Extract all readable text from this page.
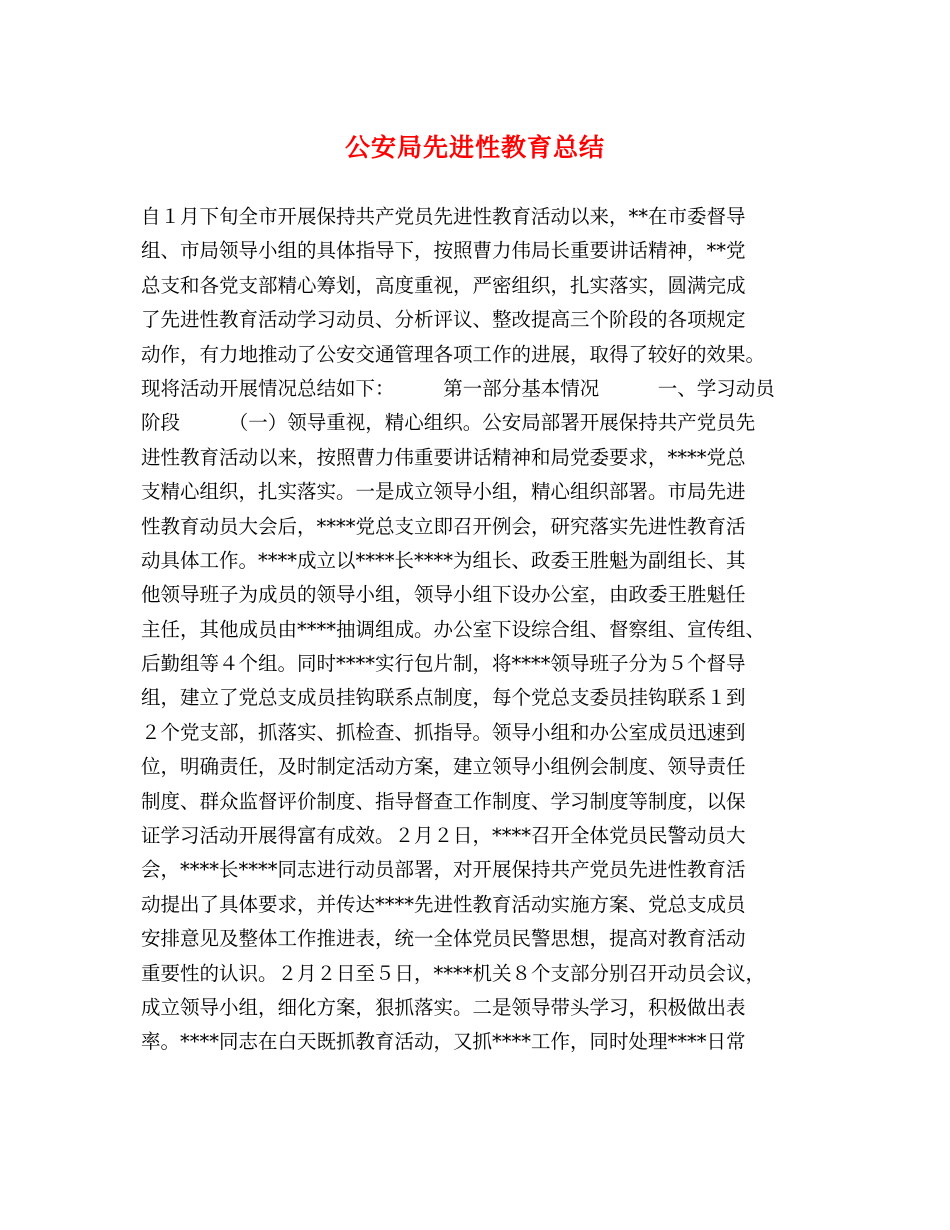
公安局先进性教育总结
自１月下旬全市开展保持共产党员先进性教育活动以来，**在市委督导
组、市局领导小组的具体指导下，按照曹力伟局长重要讲话精神，**党
总支和各党支部精心筹划，高度重视，严密组织，扎实落实，圆满完成
了先进性教育活动学习动员、分析评议、整改提高三个阶段的各项规定
动作，有力地推动了公安交通管理各项工作的进展，取得了较好的效果。
现将活动开展情况总结如下：　　　第一部分基本情况　　　一、学习动员
阶段　　　（一）领导重视，精心组织。公安局部署开展保持共产党员先
进性教育活动以来，按照曹力伟重要讲话精神和局党委要求，****党总
支精心组织，扎实落实。一是成立领导小组，精心组织部署。市局先进
性教育动员大会后，****党总支立即召开例会，研究落实先进性教育活
动具体工作。****成立以****长****为组长、政委王胜魁为副组长、其
他领导班子为成员的领导小组，领导小组下设办公室，由政委王胜魁任
主任，其他成员由****抽调组成。办公室下设综合组、督察组、宣传组、
后勤组等４个组。同时****实行包片制，将****领导班子分为５个督导
组，建立了党总支成员挂钩联系点制度，每个党总支委员挂钩联系１到
２个党支部，抓落实、抓检查、抓指导。领导小组和办公室成员迅速到
位，明确责任，及时制定活动方案，建立领导小组例会制度、领导责任
制度、群众监督评价制度、指导督查工作制度、学习制度等制度，以保
证学习活动开展得富有成效。２月２日，****召开全体党员民警动员大
会，****长****同志进行动员部署，对开展保持共产党员先进性教育活
动提出了具体要求，并传达****先进性教育活动实施方案、党总支成员
安排意见及整体工作推进表，统一全体党员民警思想，提高对教育活动
重要性的认识。２月２日至５日，****机关８个支部分别召开动员会议，
成立领导小组，细化方案，狠抓落实。二是领导带头学习，积极做出表
率。****同志在白天既抓教育活动，又抓****工作，同时处理****日常
